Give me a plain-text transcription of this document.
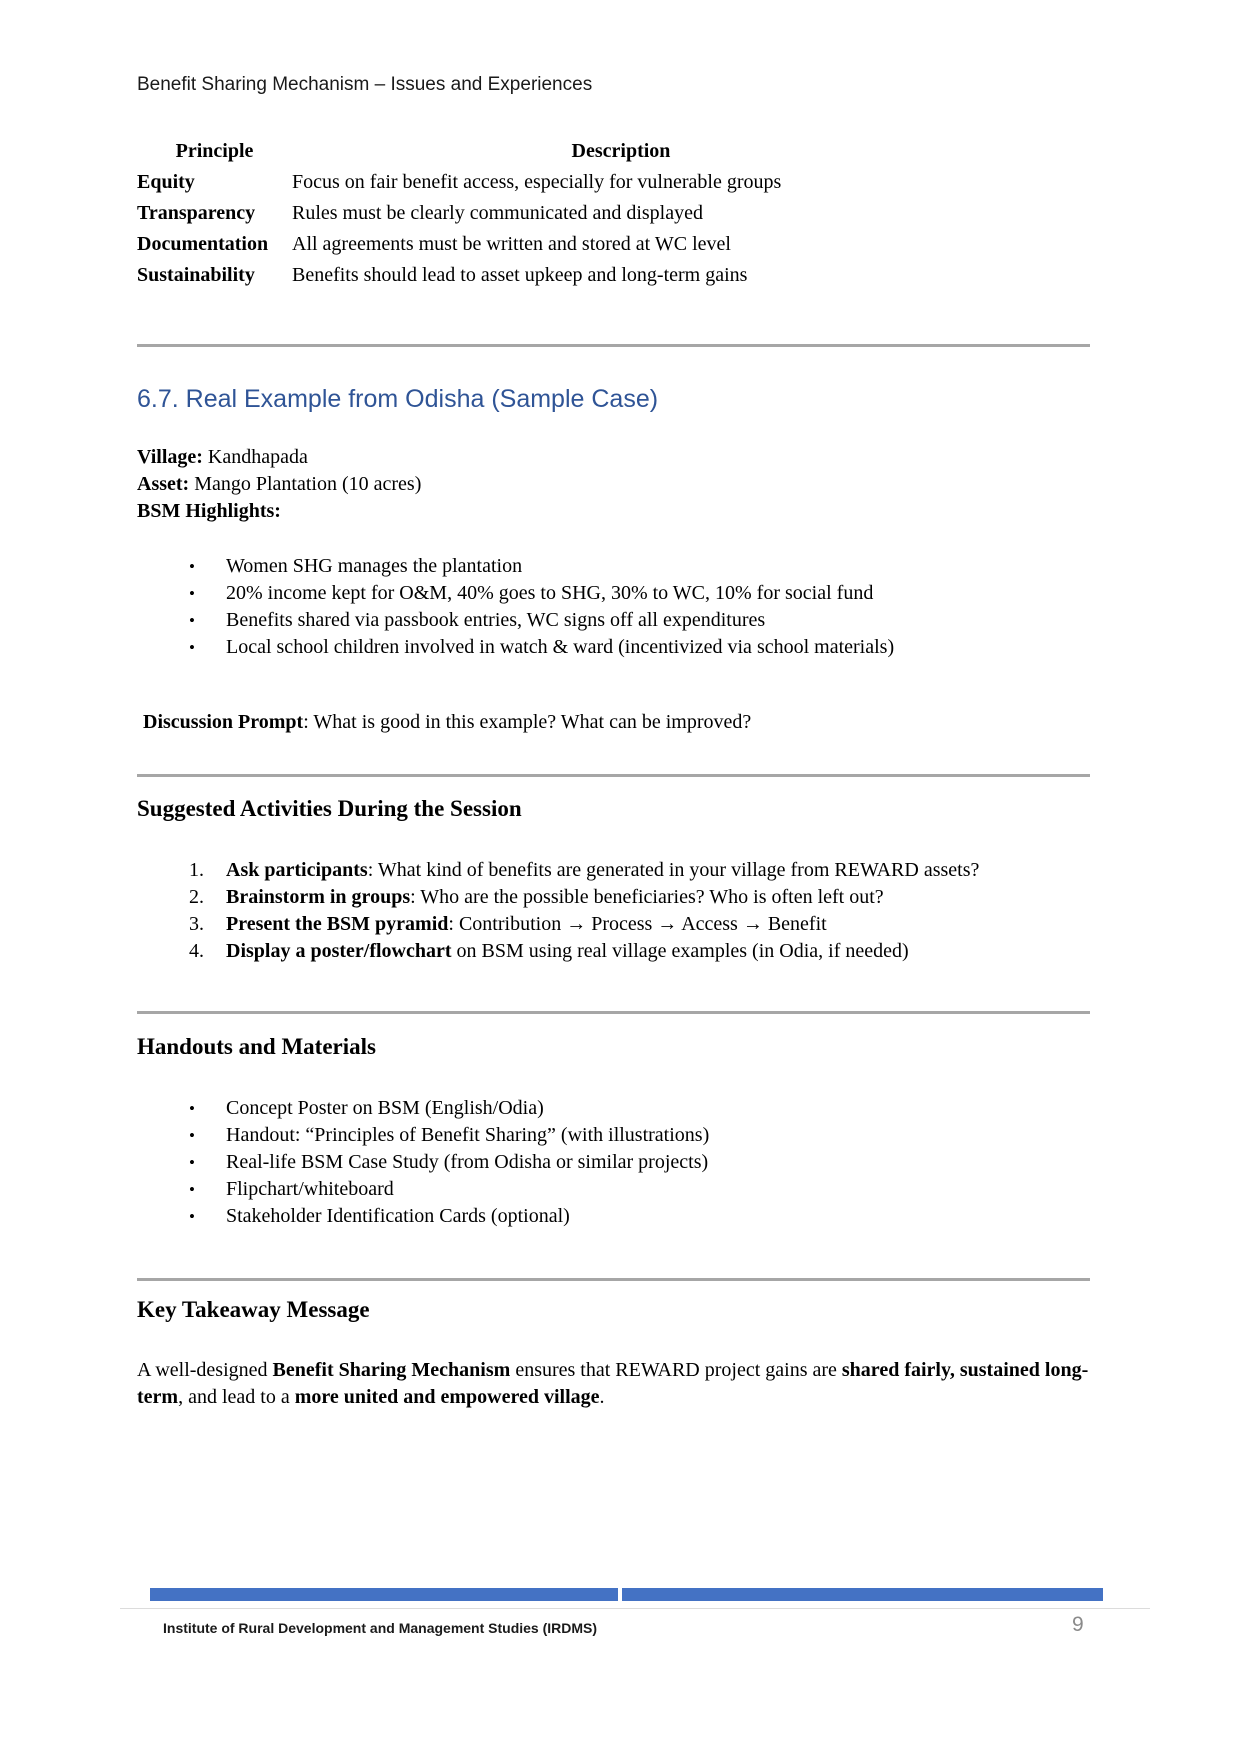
Benefit Sharing Mechanism – Issues and Experiences
Principle	Description
Equity	Focus on fair benefit access, especially for vulnerable groups
Transparency	Rules must be clearly communicated and displayed
Documentation	All agreements must be written and stored at WC level
Sustainability	Benefits should lead to asset upkeep and long-term gains
6.7. Real Example from Odisha (Sample Case)

Village: Kandhapada

Asset: Mango Plantation (10 acres)

BSM Highlights:

•	Women SHG manages the plantation
•	20% income kept for O&M, 40% goes to SHG, 30% to WC, 10% for social fund
•	Benefits shared via passbook entries, WC signs off all expenditures
•	Local school children involved in watch & ward (incentivized via school materials)

Discussion Prompt: What is good in this example? What can be improved?

Suggested Activities During the Session
1.	Ask participants: What kind of benefits are generated in your village from REWARD assets?
2.	Brainstorm in groups: Who are the possible beneficiaries? Who is often left out?
3.	Present the BSM pyramid: Contribution → Process → Access → Benefit
4.	Display a poster/flowchart on BSM using real village examples (in Odia, if needed)
Handouts and Materials
•	Concept Poster on BSM (English/Odia)
•	Handout: “Principles of Benefit Sharing” (with illustrations)
•	Real-life BSM Case Study (from Odisha or similar projects)
•	Flipchart/whiteboard
•	Stakeholder Identification Cards (optional)
Key Takeaway Message

A well-designed Benefit Sharing Mechanism ensures that REWARD project gains are shared fairly, sustained long-term, and lead to a more united and empowered village.

Institute of Rural Development and Management Studies (IRDMS)	9
